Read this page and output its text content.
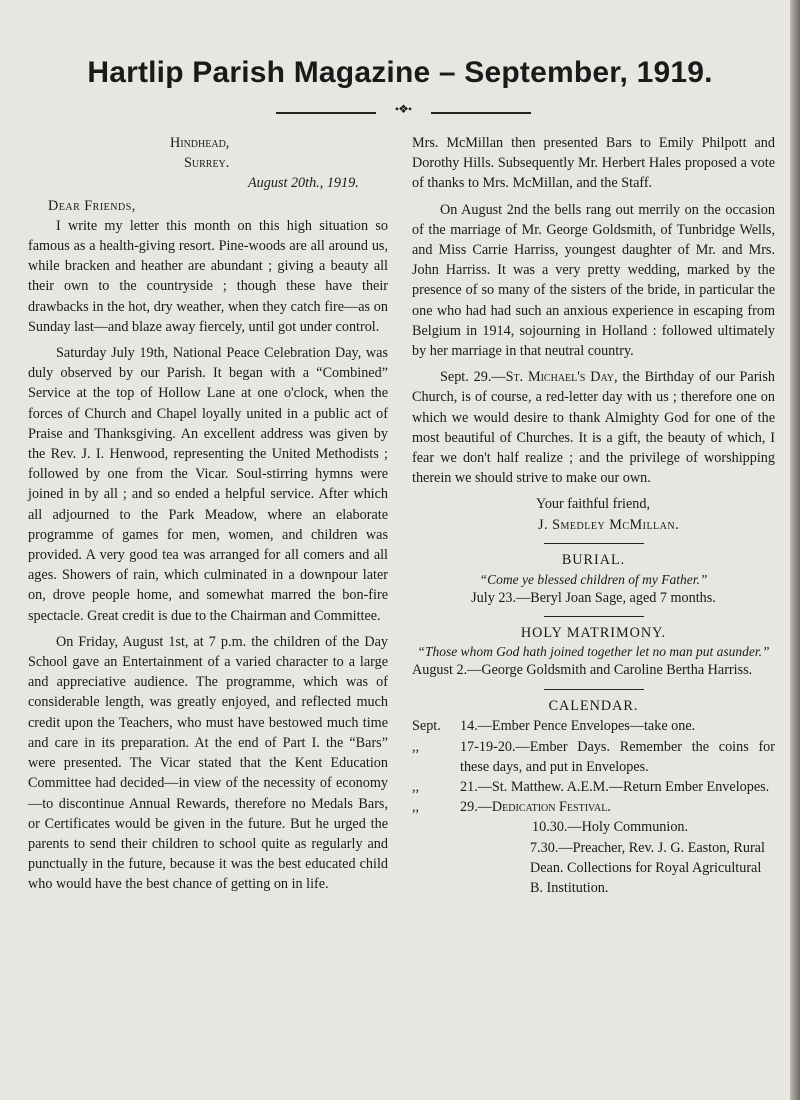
Hartlip Parish Magazine – September, 1919.
•❖•

Hindhead,

Surrey.

August 20th., 1919.

Dear Friends,

I write my letter this month on this high situation so famous as a health-giving resort. Pine-woods are all around us, while bracken and heather are abundant ; giving a beauty all their own to the countryside ; though these have their drawbacks in the hot, dry weather, when they catch fire—as on Sunday last—and blaze away fiercely, until got under control.

Saturday July 19th, National Peace Celebration Day, was duly observed by our Parish. It began with a “Combined” Service at the top of Hollow Lane at one o'clock, when the forces of Church and Chapel loyally united in a public act of Praise and Thanksgiving. An excellent address was given by the Rev. J. I. Henwood, representing the United Methodists ; followed by one from the Vicar. Soul-stirring hymns were joined in by all ; and so ended a helpful service. After which all adjourned to the Park Meadow, where an elaborate programme of games for men, women, and children was provided. A very good tea was arranged for all comers and all ages. Showers of rain, which culminated in a downpour later on, drove people home, and somewhat marred the bon-fire spectacle. Great credit is due to the Chairman and Committee.

On Friday, August 1st, at 7 p.m. the children of the Day School gave an Entertainment of a varied character to a large and appreciative audience. The programme, which was of considerable length, was greatly enjoyed, and reflected much credit upon the Teachers, who must have bestowed much time and care in its preparation. At the end of Part I. the “Bars” were presented. The Vicar stated that the Kent Education Committee had decided—in view of the necessity of economy—to discontinue Annual Rewards, therefore no Medals Bars, or Certificates would be given in the future. But he urged the parents to send their children to school quite as regularly and punctually in the future, because it was the best educated child who would have the best chance of getting on in life.

Mrs. McMillan then presented Bars to Emily Philpott and Dorothy Hills. Subsequently Mr. Herbert Hales proposed a vote of thanks to Mrs. McMillan, and the Staff.

On August 2nd the bells rang out merrily on the occasion of the marriage of Mr. George Goldsmith, of Tunbridge Wells, and Miss Carrie Harriss, youngest daughter of Mr. and Mrs. John Harriss. It was a very pretty wedding, marked by the presence of so many of the sisters of the bride, in particular the one who had had such an anxious experience in escaping from Belgium in 1914, sojourning in Holland : followed ultimately by her marriage in that neutral country.

Sept. 29.—St. Michael's Day, the Birthday of our Parish Church, is of course, a red-letter day with us ; therefore one on which we would desire to thank Almighty God for one of the most beautiful of Churches. It is a gift, the beauty of which, I fear we don't half realize ; and the privilege of worshipping therein we should strive to make our own.

Your faithful friend,

J. Smedley McMillan.

BURIAL.

“Come ye blessed children of my Father.”

July 23.—Beryl Joan Sage, aged 7 months.

HOLY MATRIMONY.

“Those whom God hath joined together let no man put asunder.”

August 2.—George Goldsmith and Caroline Bertha Harriss.

CALENDAR.

Sept.	14.—Ember Pence Envelopes—take one.
,,	17-19-20.—Ember Days. Remember the coins for these days, and put in Envelopes.
,,	21.—St. Matthew. A.E.M.—Return Ember Envelopes.
,,	29.—Dedication Festival.

10.30.—Holy Communion.

7.30.—Preacher, Rev. J. G. Easton, Rural Dean. Collections for Royal Agricultural B. Institution.
